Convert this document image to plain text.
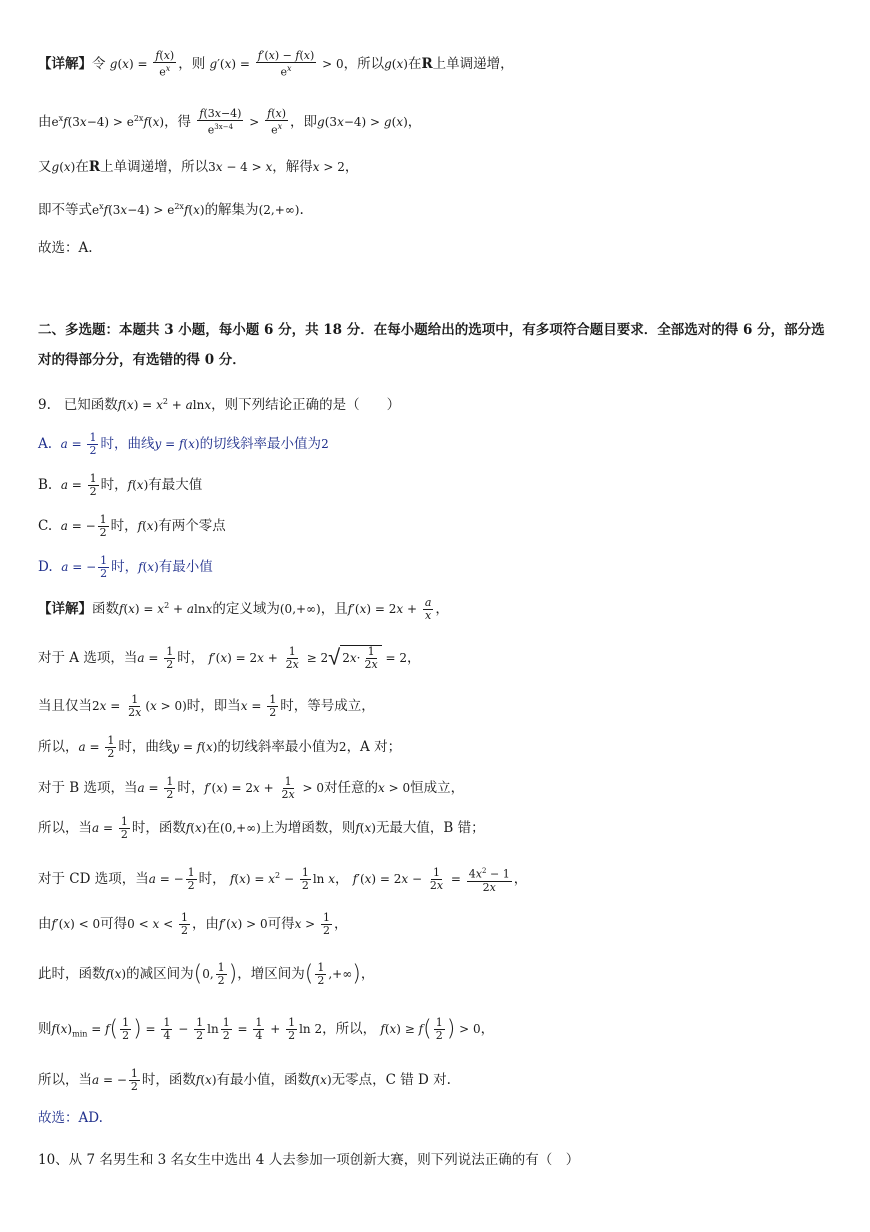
【详解】令 $g(x) = \frac{f(x)}{e^x}$ ，则 $g'(x) = \frac{f'(x) - f(x)}{e^x} > 0$，所以g(x)在R上单调递增，
由$e^xf(3x-4) > e^{2x}f(x)$，得 $\frac{f(3x-4)}{e^{3x-4}} > \frac{f(x)}{e^x}$ ，即g(3x−4) > g(x)，
又g(x)在R上单调递增，所以3x − 4 > x，解得x > 2，
即不等式$e^xf(3x-4) > e^{2x}f(x)$的解集为(2,+∞).
故选：A.
二、多选题：本题共 3 小题，每小题 6 分，共 18 分．在每小题给出的选项中，有多项符合题目要求．全部选对的得 6 分，部分选对的得部分分，有选错的得 0 分．
9. 已知函数$f(x) = x^2 + alnx$，则下列结论正确的是（　　）
A. $a = \frac{1}{2}$ 时，曲线y = f(x)的切线斜率最小值为2
B. $a = \frac{1}{2}$ 时，f(x)有最大值
C. a = − $\frac{1}{2}$ 时，f(x)有两个零点
D. a = − $\frac{1}{2}$ 时，f(x)有最小值
【详解】函数$f(x) = x^2 + alnx$的定义域为(0,+∞)，且$f'(x) = 2x + \frac{a}{x}$ ，
对于 A 选项，当$a = \frac{1}{2}$ 时， $f'(x) = 2x + \frac{1}{2x} \ge 2√$ $2x\cdot \frac{1}{2x} = 2$，
当且仅当$2x = \frac{1}{2x} (x > 0)$时，即当$x = \frac{1}{2}$ 时，等号成立，
所以，$a = \frac{1}{2}$ 时，曲线y = f(x)的切线斜率最小值为2，A 对；
对于 B 选项，当$a = \frac{1}{2}$ 时，$f'(x) = 2x + \frac{1}{2x} > 0$对任意的x > 0恒成立，
所以，当$a = \frac{1}{2}$ 时，函数f(x)在(0,+∞)上为增函数，则f(x)无最大值，B 错；
对于 CD 选项，当a = − $\frac{1}{2}$ 时， $f(x) = x^2 - \frac{1}{2}$ ln x， $f'(x) = 2x - \frac{1}{2x} = \frac{4x^2 - 1}{2x}$ ，
由f′(x) < 0可得$0 < x < \frac{1}{2}$ ，由f′(x) > 0可得$x > \frac{1}{2}$ ，
此时，函数f(x)的减区间为(0, $\frac{1}{2}$ )，增区间为( $\frac{1}{2}$ ,+∞)，
则$f(x)_{min} = f( \frac{1}{2}$ ) = $\frac{1}{4} - \frac{1}{2}$ $\ln \frac{1}{2} = \frac{1}{4} + \frac{1}{2}$ ln 2，所以， $f(x) \ge f( \frac{1}{2}$ ) > 0，
所以，当a = − $\frac{1}{2}$ 时，函数f(x)有最小值，函数f(x)无零点，C 错 D 对.
故选：AD.
10、从 7 名男生和 3 名女生中选出 4 人去参加一项创新大赛，则下列说法正确的有（　）
